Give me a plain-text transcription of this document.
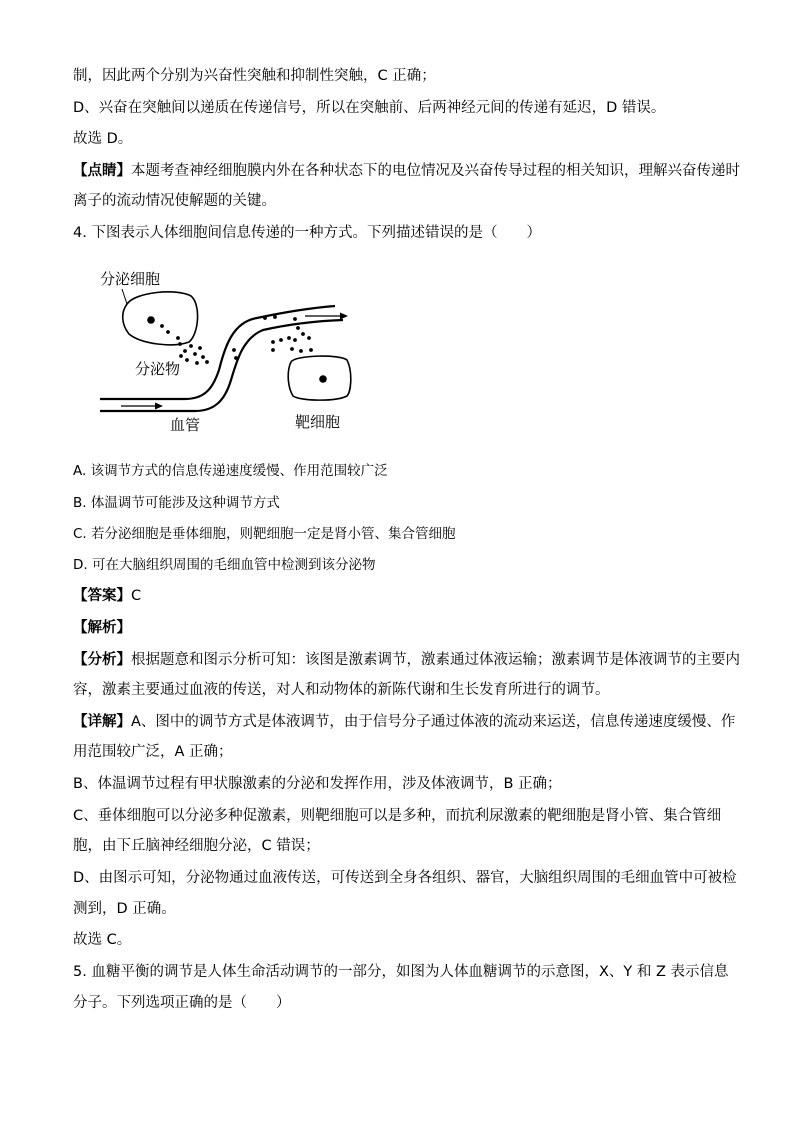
制，因此两个分别为兴奋性突触和抑制性突触，C 正确；
D、兴奋在突触间以递质在传递信号，所以在突触前、后两神经元间的传递有延迟，D 错误。
故选 D。
【点睛】本题考查神经细胞膜内外在各种状态下的电位情况及兴奋传导过程的相关知识，理解兴奋传递时
离子的流动情况使解题的关键。
4. 下图表示人体细胞间信息传递的一种方式。下列描述错误的是（　　）
分泌细胞
分泌物
血管	靶细胞
A. 该调节方式的信息传递速度缓慢、作用范围较广泛
B. 体温调节可能涉及这种调节方式
C. 若分泌细胞是垂体细胞，则靶细胞一定是肾小管、集合管细胞
D. 可在大脑组织周围的毛细血管中检测到该分泌物
【答案】C
【解析】
【分析】根据题意和图示分析可知：该图是激素调节，激素通过体液运输；激素调节是体液调节的主要内
容，激素主要通过血液的传送，对人和动物体的新陈代谢和生长发育所进行的调节。
【详解】A、图中的调节方式是体液调节，由于信号分子通过体液的流动来运送，信息传递速度缓慢、作
用范围较广泛，A 正确；
B、体温调节过程有甲状腺激素的分泌和发挥作用，涉及体液调节，B 正确；
C、垂体细胞可以分泌多种促激素，则靶细胞可以是多种，而抗利尿激素的靶细胞是肾小管、集合管细
胞，由下丘脑神经细胞分泌，C 错误；
D、由图示可知，分泌物通过血液传送，可传送到全身各组织、器官，大脑组织周围的毛细血管中可被检
测到，D 正确。
故选 C。
5. 血糖平衡的调节是人体生命活动调节的一部分，如图为人体血糖调节的示意图，X、Y 和 Z 表示信息
分子。下列选项正确的是（　　）
